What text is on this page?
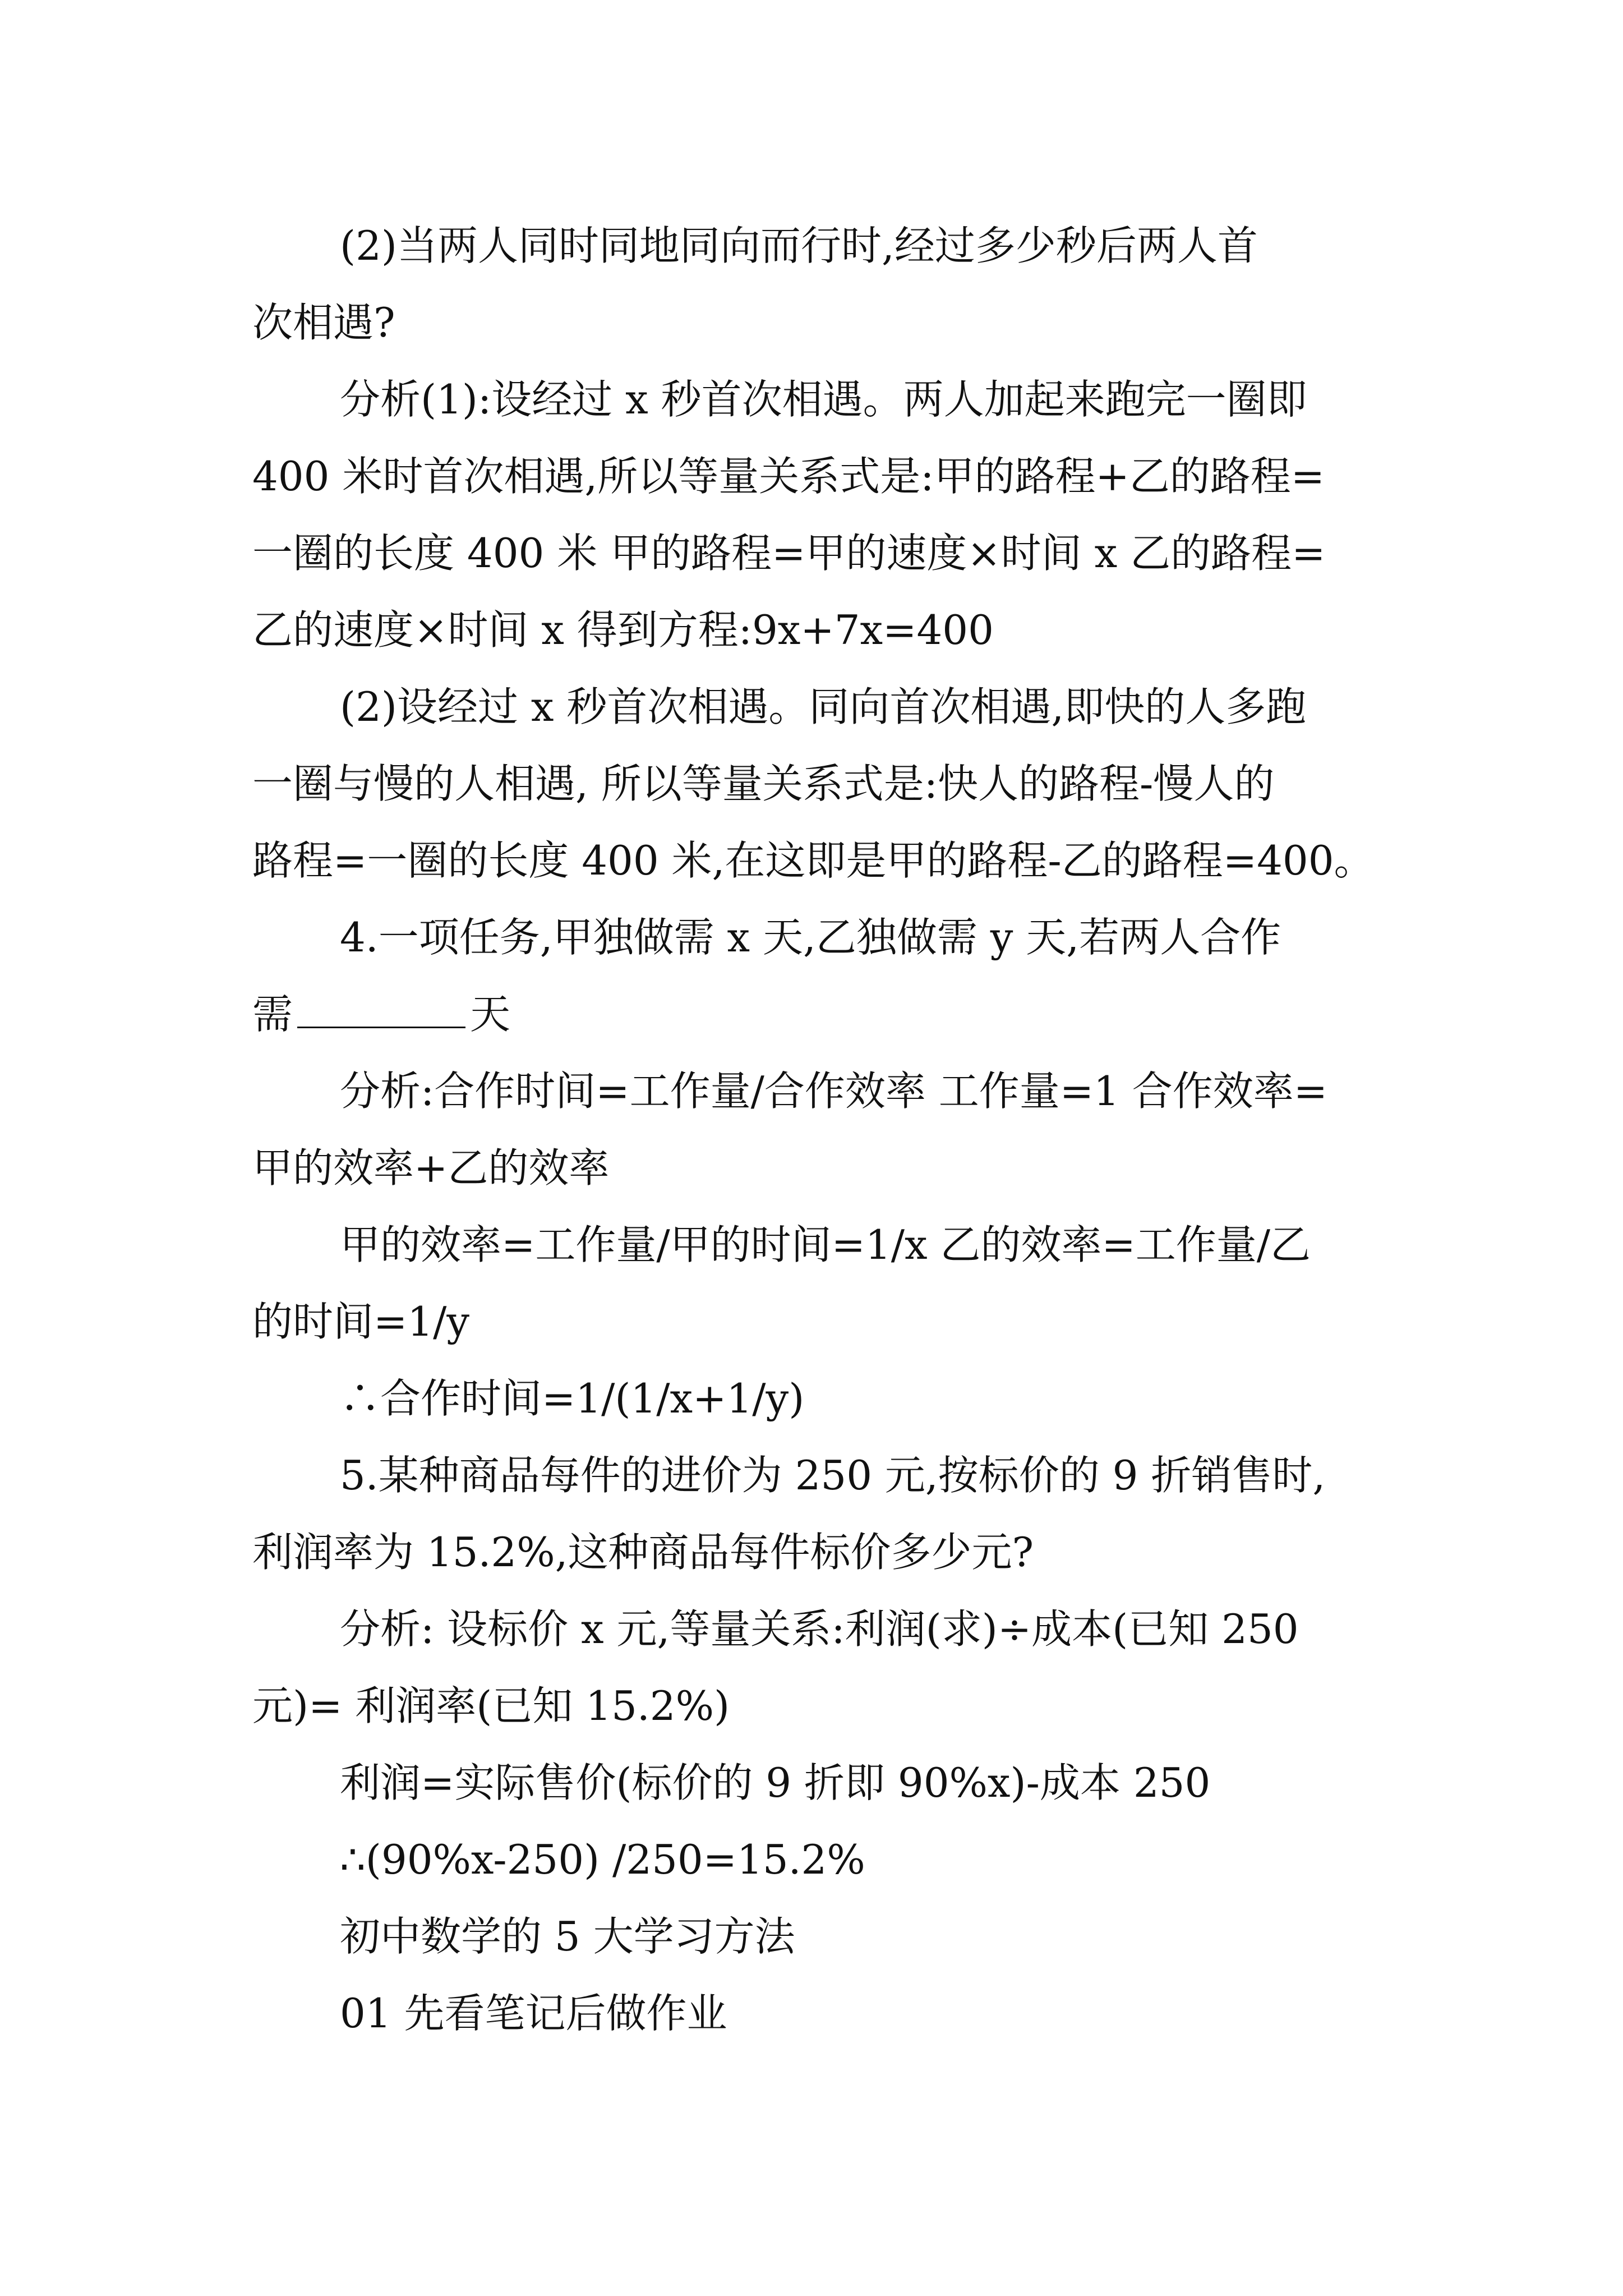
(2)当两人同时同地同向而行时,经过多少秒后两人首

次相遇?

分析(1):设经过 x 秒首次相遇。两人加起来跑完一圈即

400 米时首次相遇,所以等量关系式是:甲的路程+乙的路程=

一圈的长度 400 米 甲的路程=甲的速度×时间 x 乙的路程=

乙的速度×时间 x 得到方程:9x+7x=400

(2)设经过 x 秒首次相遇。同向首次相遇,即快的人多跑

一圈与慢的人相遇, 所以等量关系式是:快人的路程-慢人的

路程=一圈的长度 400 米,在这即是甲的路程-乙的路程=400。

4.一项任务,甲独做需 x 天,乙独做需 y 天,若两人合作

需	天

分析:合作时间=工作量/合作效率 工作量=1 合作效率=

甲的效率+乙的效率

甲的效率=工作量/甲的时间=1/x 乙的效率=工作量/乙

的时间=1/y

∴合作时间=1/(1/x+1/y)

5.某种商品每件的进价为 250 元,按标价的 9 折销售时,

利润率为 15.2%,这种商品每件标价多少元?

分析: 设标价 x 元,等量关系:利润(求)÷成本(已知 250

元)= 利润率(已知 15.2%)

利润=实际售价(标价的 9 折即 90%x)-成本 250

∴(90%x-250) /250=15.2%

初中数学的 5 大学习方法

01 先看笔记后做作业
